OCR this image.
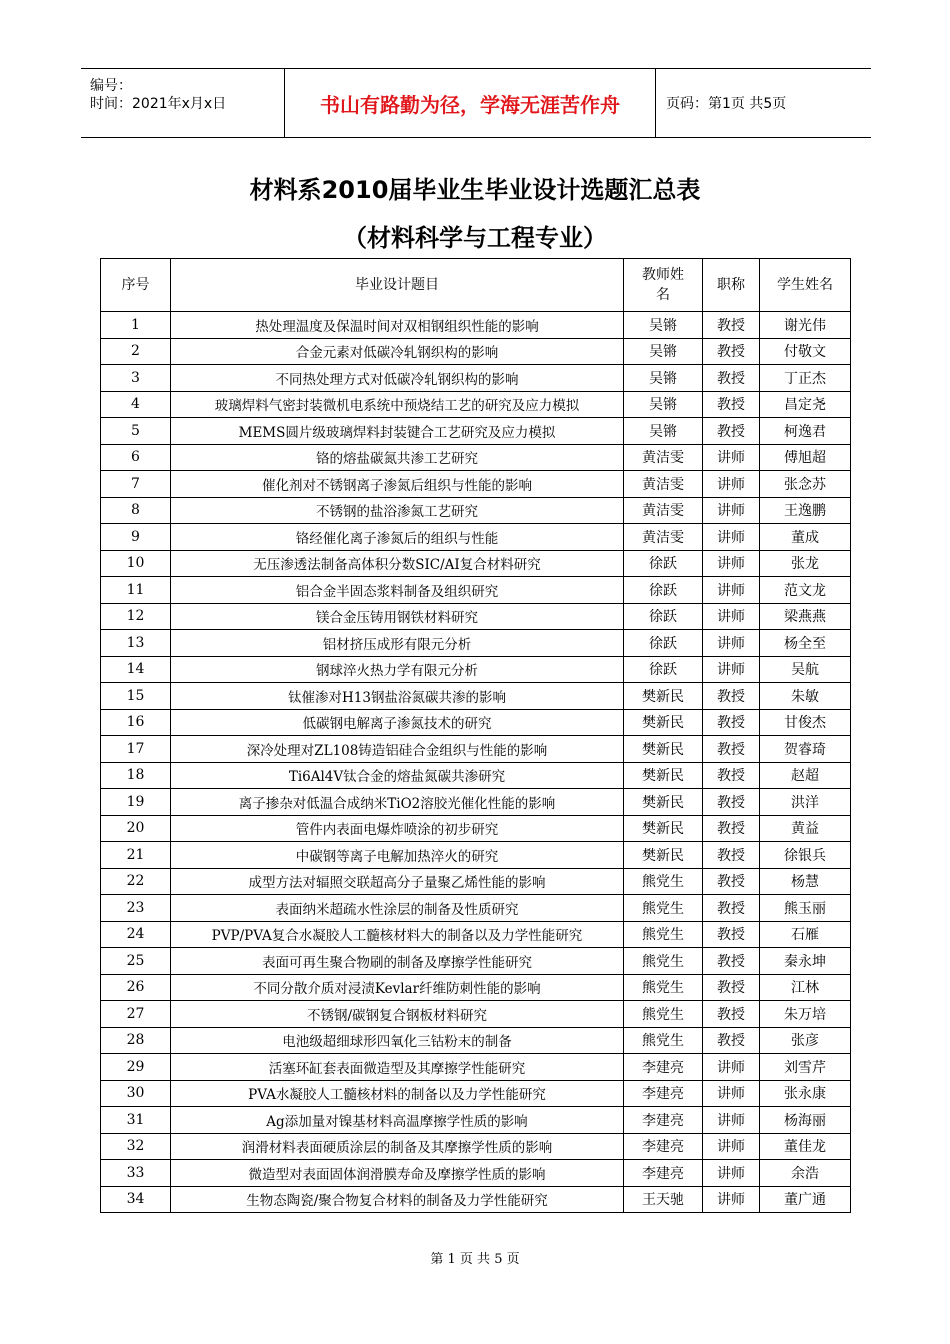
编号：
时间：2021年x月x日	书山有路勤为径，学海无涯苦作舟	页码：第1页 共5页
材料系2010届毕业生毕业设计选题汇总表
（材料科学与工程专业）
序号	毕业设计题目	教师姓名	职称	学生姓名
1	热处理温度及保温时间对双相钢组织性能的影响	吴锵	教授	谢光伟
2	合金元素对低碳冷轧钢织构的影响	吴锵	教授	付敬文
3	不同热处理方式对低碳冷轧钢织构的影响	吴锵	教授	丁正杰
4	玻璃焊料气密封装微机电系统中预烧结工艺的研究及应力模拟	吴锵	教授	昌定尧
5	MEMS圆片级玻璃焊料封装键合工艺研究及应力模拟	吴锵	教授	柯逸君
6	铬的熔盐碳氮共渗工艺研究	黄洁雯	讲师	傅旭超
7	催化剂对不锈钢离子渗氮后组织与性能的影响	黄洁雯	讲师	张念苏
8	不锈钢的盐浴渗氮工艺研究	黄洁雯	讲师	王逸鹏
9	铬经催化离子渗氮后的组织与性能	黄洁雯	讲师	董成
10	无压渗透法制备高体积分数SIC/AI复合材料研究	徐跃	讲师	张龙
11	铝合金半固态浆料制备及组织研究	徐跃	讲师	范文龙
12	镁合金压铸用钢铁材料研究	徐跃	讲师	梁燕燕
13	铝材挤压成形有限元分析	徐跃	讲师	杨全至
14	钢球淬火热力学有限元分析	徐跃	讲师	吴航
15	钛催渗对H13钢盐浴氮碳共渗的影响	樊新民	教授	朱敏
16	低碳钢电解离子渗氮技术的研究	樊新民	教授	甘俊杰
17	深冷处理对ZL108铸造铝硅合金组织与性能的影响	樊新民	教授	贺睿琦
18	Ti6Al4V钛合金的熔盐氮碳共渗研究	樊新民	教授	赵超
19	离子掺杂对低温合成纳米TiO2溶胶光催化性能的影响	樊新民	教授	洪洋
20	管件内表面电爆炸喷涂的初步研究	樊新民	教授	黄益
21	中碳钢等离子电解加热淬火的研究	樊新民	教授	徐银兵
22	成型方法对辐照交联超高分子量聚乙烯性能的影响	熊党生	教授	杨慧
23	表面纳米超疏水性涂层的制备及性质研究	熊党生	教授	熊玉丽
24	PVP/PVA复合水凝胶人工髓核材料大的制备以及力学性能研究	熊党生	教授	石雁
25	表面可再生聚合物刷的制备及摩擦学性能研究	熊党生	教授	秦永坤
26	不同分散介质对浸渍Kevlar纤维防刺性能的影响	熊党生	教授	江林
27	不锈钢/碳钢复合钢板材料研究	熊党生	教授	朱万培
28	电池级超细球形四氧化三钴粉末的制备	熊党生	教授	张彦
29	活塞环缸套表面微造型及其摩擦学性能研究	李建亮	讲师	刘雪芹
30	PVA水凝胶人工髓核材料的制备以及力学性能研究	李建亮	讲师	张永康
31	Ag添加量对镍基材料高温摩擦学性质的影响	李建亮	讲师	杨海丽
32	润滑材料表面硬质涂层的制备及其摩擦学性质的影响	李建亮	讲师	董佳龙
33	微造型对表面固体润滑膜寿命及摩擦学性质的影响	李建亮	讲师	余浩
34	生物态陶瓷/聚合物复合材料的制备及力学性能研究	王天驰	讲师	董广通
第 1 页 共 5 页
